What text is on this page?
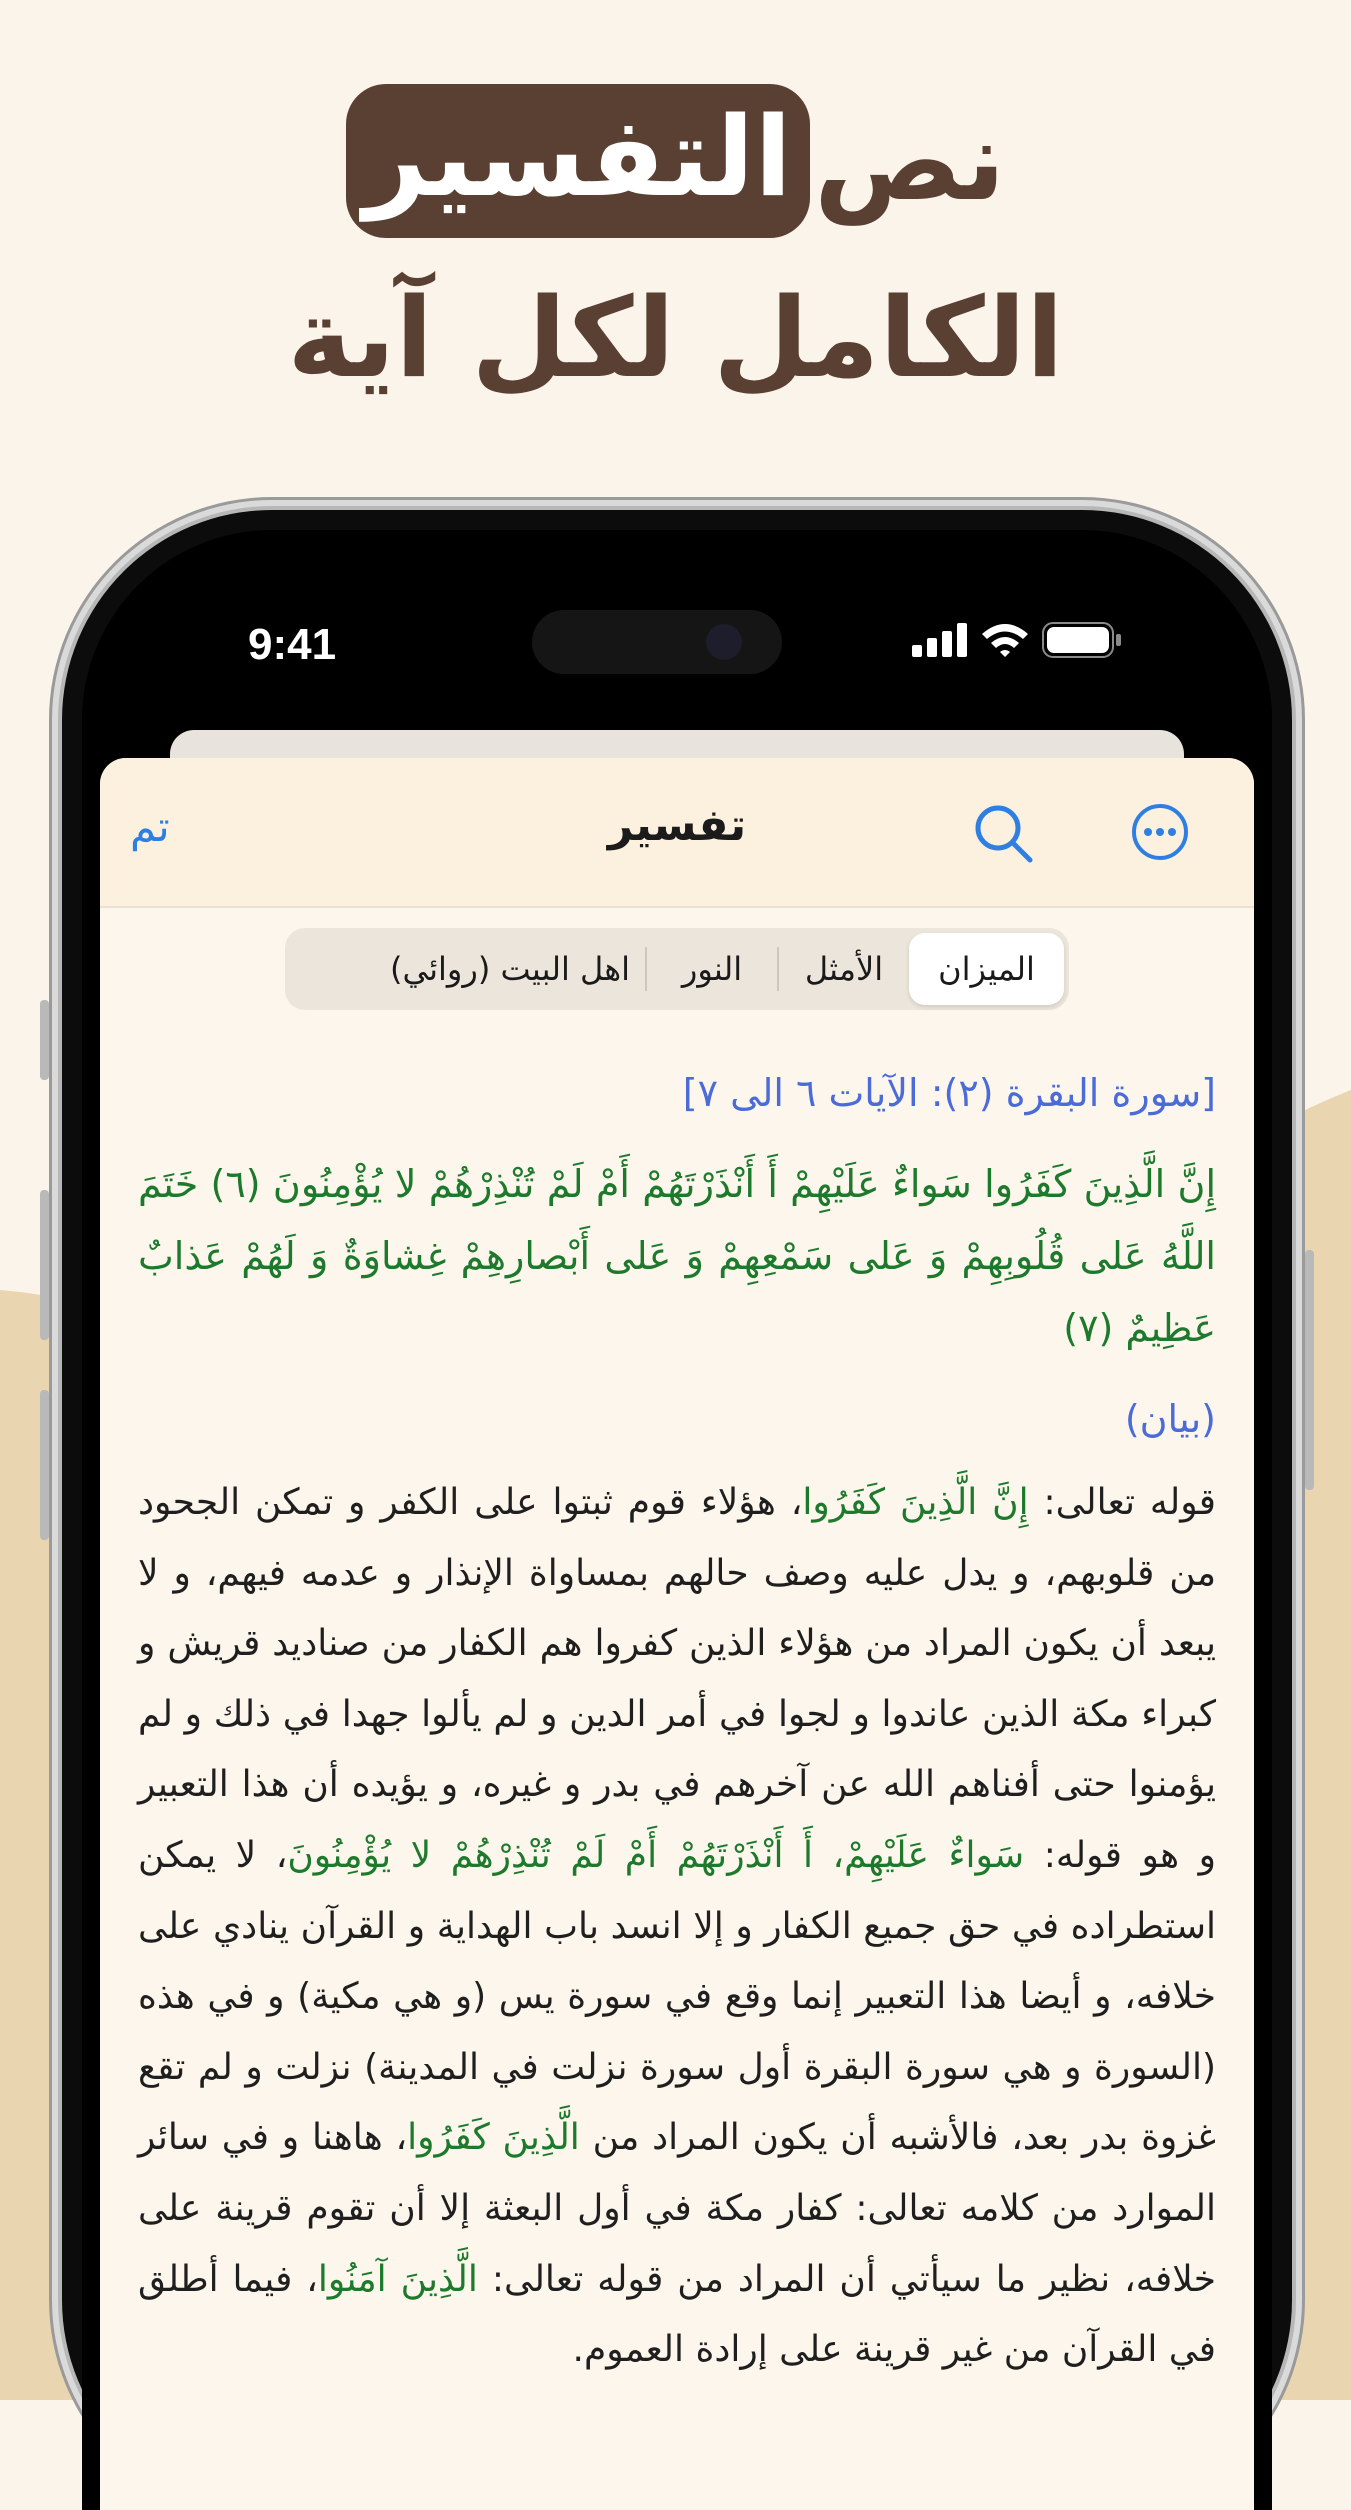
نص
التفسير
الكامل لكل آية
9:41
تم	تفسير
الميزان
الأمثل
النور
اهل البيت (روائي)
[سورة البقرة (٢): الآيات ٦ الى ٧]
إِنَّ الَّذِينَ كَفَرُوا سَواءٌ عَلَيْهِمْ أَ أَنْذَرْتَهُمْ أَمْ لَمْ تُنْذِرْهُمْ لا يُؤْمِنُونَ (٦) خَتَمَ اللَّهُ عَلى قُلُوبِهِمْ وَ عَلى سَمْعِهِمْ وَ عَلى أَبْصارِهِمْ غِشاوَةٌ وَ لَهُمْ عَذابٌ عَظِيمٌ (٧)
(بيان)
قوله تعالى: إِنَّ الَّذِينَ كَفَرُوا، هؤلاء قوم ثبتوا على الكفر و تمكن الجحود من قلوبهم، و يدل عليه وصف حالهم بمساواة الإنذار و عدمه فيهم، و لا يبعد أن يكون المراد من هؤلاء الذين كفروا هم الكفار من صناديد قريش و كبراء مكة الذين عاندوا و لجوا في أمر الدين و لم يألوا جهدا في ذلك و لم يؤمنوا حتى أفناهم الله عن آخرهم في بدر و غيره، و يؤيده أن هذا التعبير و هو قوله: سَواءٌ عَلَيْهِمْ، أَ أَنْذَرْتَهُمْ أَمْ لَمْ تُنْذِرْهُمْ لا يُؤْمِنُونَ، لا يمكن استطراده في حق جميع الكفار و إلا انسد باب الهداية و القرآن ينادي على خلافه، و أيضا هذا التعبير إنما وقع في سورة يس (و هي مكية) و في هذه (السورة و هي سورة البقرة أول سورة نزلت في المدينة) نزلت و لم تقع غزوة بدر بعد، فالأشبه أن يكون المراد من الَّذِينَ كَفَرُوا، هاهنا و في سائر الموارد من كلامه تعالى: كفار مكة في أول البعثة إلا أن تقوم قرينة على خلافه، نظير ما سيأتي أن المراد من قوله تعالى: الَّذِينَ آمَنُوا، فيما أطلق في القرآن من غير قرينة على إرادة العموم.
